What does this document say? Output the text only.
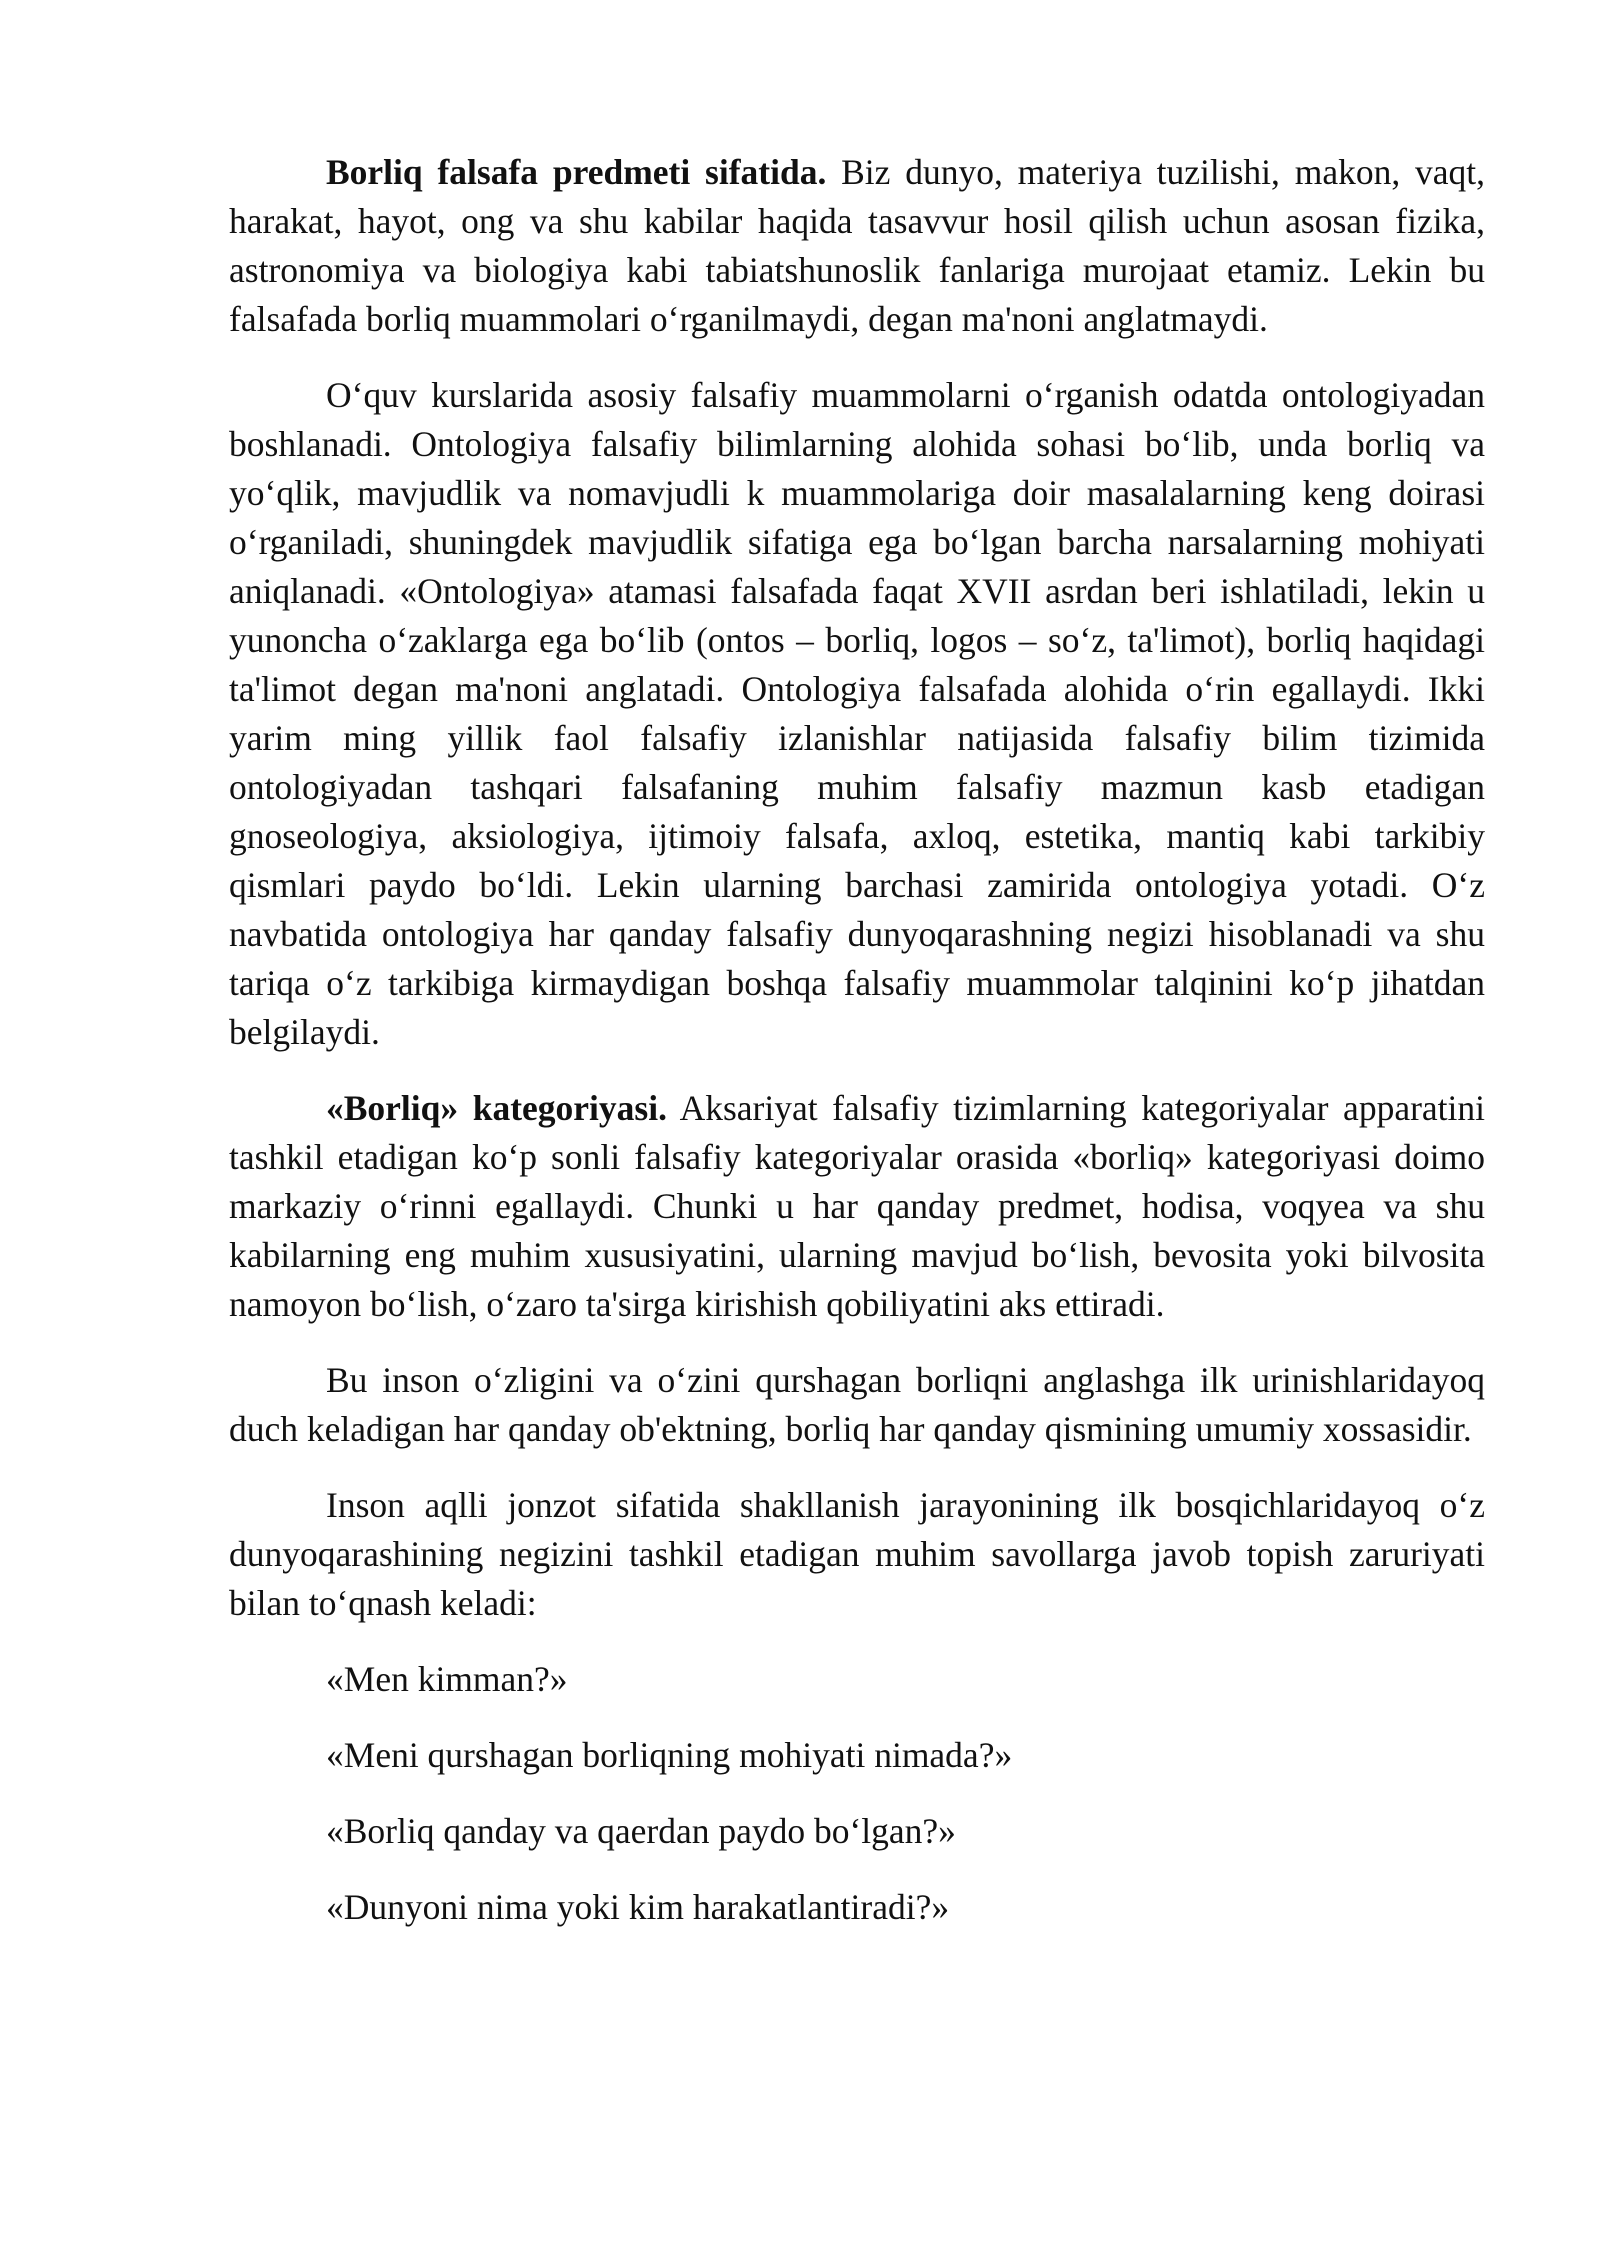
Borliq falsafa predmeti sifatida. Biz dunyo, materiya tuzilishi, makon, vaqt, harakat, hayot, ong va shu kabilar haqida tasavvur hosil qilish uchun asosan fizika, astronomiya va biologiya kabi tabiatshunoslik fanlariga murojaat etamiz. Lekin bu falsafada borliq muammolari o‘rganilmaydi, degan ma'noni anglatmaydi.

O‘quv kurslarida asosiy falsafiy muammolarni o‘rganish odatda ontologiyadan boshlanadi. Ontologiya falsafiy bilimlarning alohida sohasi bo‘lib, unda borliq va yo‘qlik, mavjudlik va nomavjudli k muammolariga doir masalalarning keng doirasi o‘rganiladi, shuningdek mavjudlik sifatiga ega bo‘lgan barcha narsalarning mohiyati aniqlanadi. «Ontologiya» atamasi falsafada faqat XVII asrdan beri ishlatiladi, lekin u yunoncha o‘zaklarga ega bo‘lib (ontos – borliq, logos – so‘z, ta'limot), borliq haqidagi ta'limot degan ma'noni anglatadi. Ontologiya falsafada alohida o‘rin egallaydi. Ikki yarim ming yillik faol falsafiy izlanishlar natijasida falsafiy bilim tizimida ontologiyadan tashqari falsafaning muhim falsafiy mazmun kasb etadigan gnoseologiya, aksiologiya, ijtimoiy falsafa, axloq, estetika, mantiq kabi tarkibiy qismlari paydo bo‘ldi. Lekin ularning barchasi zamirida ontologiya yotadi. O‘z navbatida ontologiya har qanday falsafiy dunyoqarashning negizi hisoblanadi va shu tariqa o‘z tarkibiga kirmaydigan boshqa falsafiy muammolar talqinini ko‘p jihatdan belgilaydi.

«Borliq» kategoriyasi. Aksariyat falsafiy tizimlarning kategoriyalar apparatini tashkil etadigan ko‘p sonli falsafiy kategoriyalar orasida «borliq» kategoriyasi doimo markaziy o‘rinni egallaydi. Chunki u har qanday predmet, hodisa, voqyea va shu kabilarning eng muhim xususiyatini, ularning mavjud bo‘lish, bevosita yoki bilvosita namoyon bo‘lish, o‘zaro ta'sirga kirishish qobiliyatini aks ettiradi.

Bu inson o‘zligini va o‘zini qurshagan borliqni anglashga ilk urinishlaridayoq duch keladigan har qanday ob'ektning, borliq har qanday qismining umumiy xossasidir.

Inson aqlli jonzot sifatida shakllanish jarayonining ilk bosqichlaridayoq o‘z dunyoqarashining negizini tashkil etadigan muhim savollarga javob topish zaruriyati bilan to‘qnash keladi:

«Men kimman?»
«Meni qurshagan borliqning mohiyati nimada?»
«Borliq qanday va qaerdan paydo bo‘lgan?»
«Dunyoni nima yoki kim harakatlantiradi?»
